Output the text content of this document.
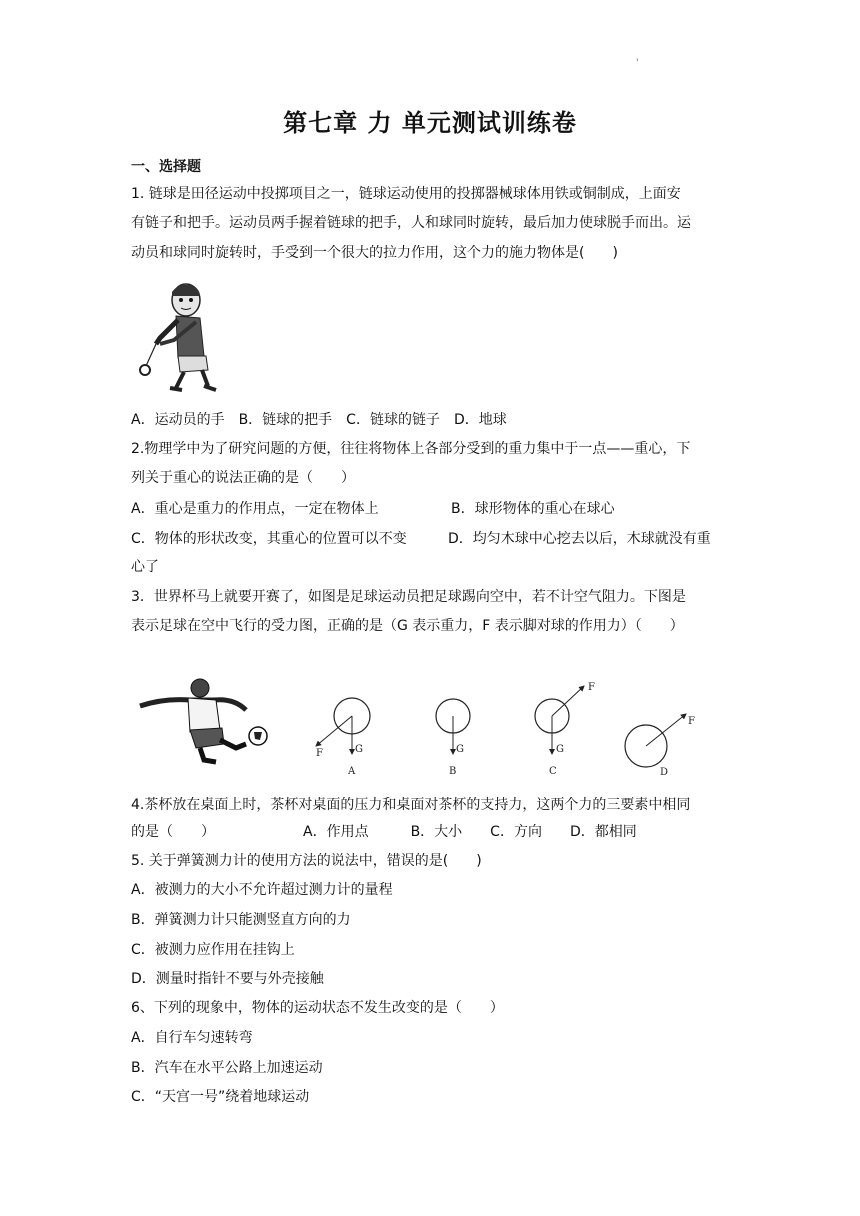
'
第七章 力 单元测试训练卷
一、选择题
1. 链球是田径运动中投掷项目之一，链球运动使用的投掷器械球体用铁或铜制成，上面安
有链子和把手。运动员两手握着链球的把手，人和球同时旋转，最后加力使球脱手而出。运
动员和球同时旋转时，手受到一个很大的拉力作用，这个力的施力物体是(　　)
A．运动员的手　B．链球的把手　C．链球的链子　D．地球
2.物理学中为了研究问题的方便，往往将物体上各部分受到的重力集中于一点——重心，下
列关于重心的说法正确的是（　　）
A．重心是重力的作用点，一定在物体上	B．球形物体的重心在球心
C．物体的形状改变，其重心的位置可以不变	D．均匀木球中心挖去以后，木球就没有重
心了
3．世界杯马上就要开赛了，如图是足球运动员把足球踢向空中，若不计空气阻力。下图是
表示足球在空中飞行的受力图，正确的是（G 表示重力，F 表示脚对球的作用力）（　　）
G
F
A
G
B
G
F
C
F
D
4.茶杯放在桌面上时，茶杯对桌面的压力和桌面对茶杯的支持力，这两个力的三要素中相同
的是（　　）	A．作用点　　　B．大小　　C．方向　　D．都相同
5. 关于弹簧测力计的使用方法的说法中，错误的是(　　)
A．被测力的大小不允许超过测力计的量程
B．弹簧测力计只能测竖直方向的力
C．被测力应作用在挂钩上
D．测量时指针不要与外壳接触
6、下列的现象中，物体的运动状态不发生改变的是（　　）
A．自行车匀速转弯
B．汽车在水平公路上加速运动
C．“天宫一号”绕着地球运动
